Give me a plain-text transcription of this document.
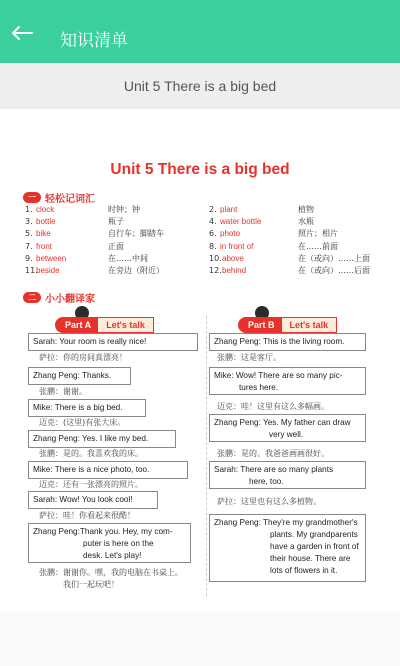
知识清单
Unit 5 There is a big bed
Unit 5 There is a big bed
一 轻松记词汇
1. clock	时钟；钟
3. bottle	瓶子
5. bike	自行车；脚踏车
7. front	正面
9. between	在……中间
11.
beside	在旁边（附近）
2. plant	植物
4. water bottle	水瓶
6. photo	照片；相片
8. in front of	在……前面
10. above	在（或向）……上面
12. behind	在（或向）……后面
二 小小翻译家
Part A	Let's talk
Sarah: Your room is really nice!
萨拉：你的房间真漂亮！
Zhang Peng: Thanks.
张鹏：谢谢。
Mike: There is a big bed.
迈克：(这里)有张大床。
Zhang Peng: Yes. I like my bed.
张鹏：是的。我喜欢我的床。
Mike: There is a nice photo, too.
迈克：还有一张漂亮的照片。
Sarah: Wow! You look cool!
萨拉：哇！你看起来很酷！
Zhang Peng:Thank you. Hey, my com-
puter is here on the
desk. Let's play!
张鹏：谢谢你。嘿，我的电脑在书桌上。
我们一起玩吧！
Part B	Let's talk
Zhang Peng: This is the living room.
张鹏：这是客厅。
Mike: Wow! There are so many pic-
tures here.
迈克：哇！这里有这么多幅画。
Zhang Peng: Yes. My father can draw
very well.
张鹏：是的。我爸爸画画很好。
Sarah: There are so many plants
here, too.
萨拉：这里也有这么多植物。
Zhang Peng: They're my grandmother's
plants. My grandparents
have a garden in front of
their house. There are
lots of flowers in it.
